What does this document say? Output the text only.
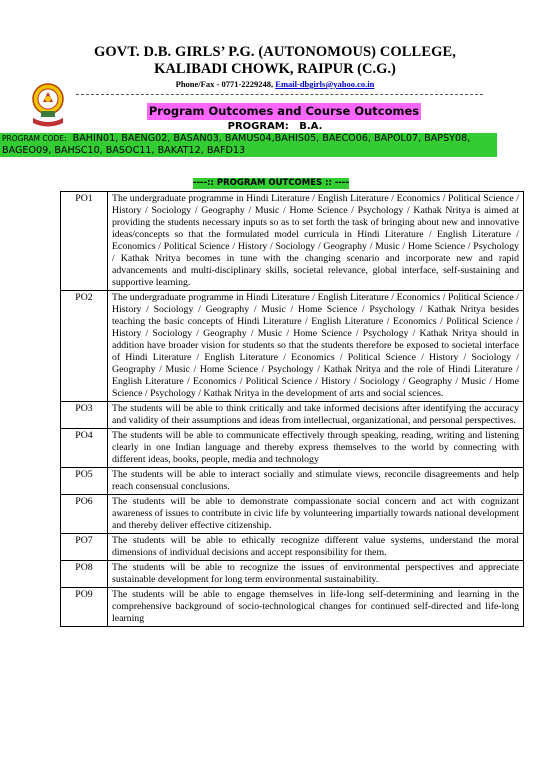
GOVT. D.B. GIRLS’ P.G. (AUTONOMOUS) COLLEGE,
KALIBADI CHOWK, RAIPUR (C.G.)
Phone/Fax - 0771-2229248, Email-dbgirls@yahoo.co.in
Program Outcomes and Course Outcomes
PROGRAM: B.A.
PROGRAM CODE: BAHIN01, BAENG02, BASAN03, BAMUS04,BAHIS05, BAECO06, BAPOL07, BAPSY08, BAGEO09, BAHSC10, BASOC11, BAKAT12, BAFD13
----:: PROGRAM OUTCOMES :: ----
PO1	The undergraduate programme in Hindi Literature / English Literature / Economics / Political Science / History / Sociology / Geography / Music / Home Science / Psychology / Kathak Nritya is aimed at providing the students necessary inputs so as to set forth the task of bringing about new and innovative ideas/concepts so that the formulated model curricula in Hindi Literature / English Literature / Economics / Political Science / History / Sociology / Geography / Music / Home Science / Psychology / Kathak Nritya becomes in tune with the changing scenario and incorporate new and rapid advancements and multi-disciplinary skills, societal relevance, global interface, self-sustaining and supportive learning.
PO2	The undergraduate programme in Hindi Literature / English Literature / Economics / Political Science / History / Sociology / Geography / Music / Home Science / Psychology / Kathak Nritya besides teaching the basic concepts of Hindi Literature / English Literature / Economics / Political Science / History / Sociology / Geography / Music / Home Science / Psychology / Kathak Nritya should in addition have broader vision for students so that the students therefore be exposed to societal interface of Hindi Literature / English Literature / Economics / Political Science / History / Sociology / Geography / Music / Home Science / Psychology / Kathak Nritya and the role of Hindi Literature / English Literature / Economics / Political Science / History / Sociology / Geography / Music / Home Science / Psychology / Kathak Nritya in the development of arts and social sciences.
PO3	The students will be able to think critically and take informed decisions after identifying the accuracy and validity of their assumptions and ideas from intellectual, organizational, and personal perspectives.
PO4	The students will be able to communicate effectively through speaking, reading, writing and listening clearly in one Indian language and thereby express themselves to the world by connecting with different ideas, books, people, media and technology
PO5	The students will be able to interact socially and stimulate views, reconcile disagreements and help reach consensual conclusions.
PO6	The students will be able to demonstrate compassionate social concern and act with cognizant awareness of issues to contribute in civic life by volunteering impartially towards national development and thereby deliver effective citizenship.
PO7	The students will be able to ethically recognize different value systems, understand the moral dimensions of individual decisions and accept responsibility for them.
PO8	The students will be able to recognize the issues of environmental perspectives and appreciate sustainable development for long term environmental sustainability.
PO9	The students will be able to engage themselves in life-long self-determining and learning in the comprehensive background of socio-technological changes for continued self-directed and life-long learning
